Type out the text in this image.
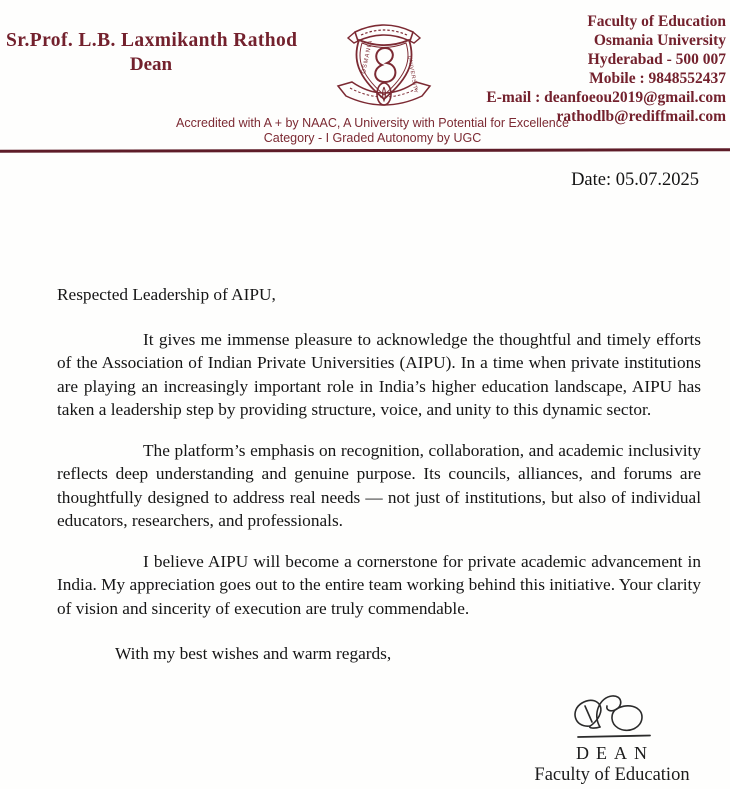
Sr.Prof. L.B. Laxmikanth Rathod
Dean	OSMANIA	UNIVERSITY
Faculty of Education
Osmania University
Hyderabad - 500 007
Mobile : 9848552437
E-mail : deanfoeou2019@gmail.com
rathodlb@rediffmail.com
Accredited with A + by NAAC, A University with Potential for Excellence
Category - I Graded Autonomy by UGC
Date: 05.07.2025
Respected Leadership of AIPU,

It gives me immense pleasure to acknowledge the thoughtful and timely efforts of the Association of Indian Private Universities (AIPU). In a time when private institutions are playing an increasingly important role in India’s higher education landscape, AIPU has taken a leadership step by providing structure, voice, and unity to this dynamic sector.

The platform’s emphasis on recognition, collaboration, and academic inclusivity reflects deep understanding and genuine purpose. Its councils, alliances, and forums are thoughtfully designed to address real needs — not just of institutions, but also of individual educators, researchers, and professionals.

I believe AIPU will become a cornerstone for private academic advancement in India. My appreciation goes out to the entire team working behind this initiative. Your clarity of vision and sincerity of execution are truly commendable.

With my best wishes and warm regards,
DEAN
Faculty of Education
